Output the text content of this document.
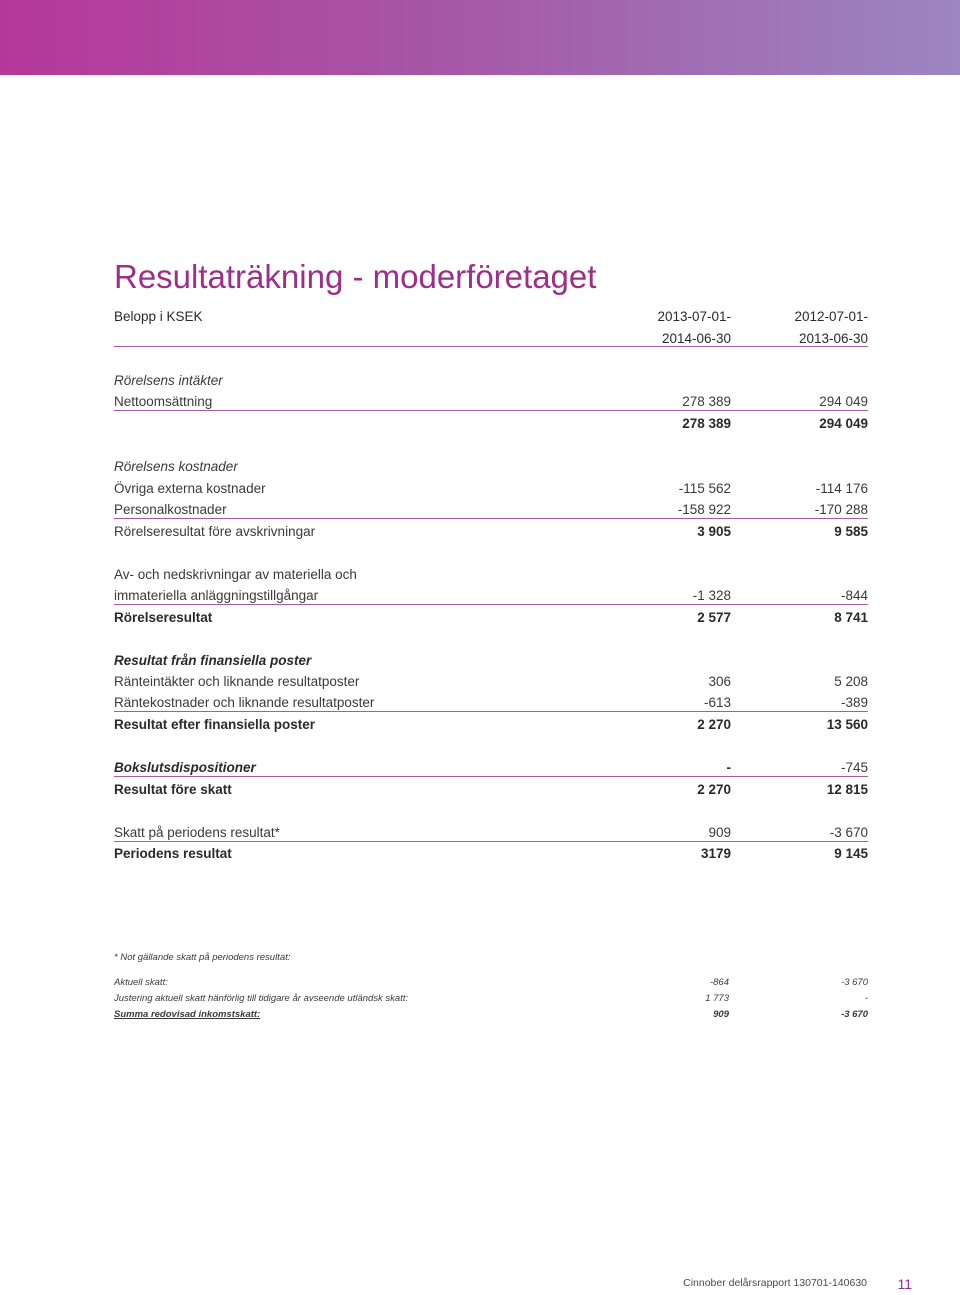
Resultaträkning - moderföretaget
Belopp i KSEK	2013-07-01-	2012-07-01-
2014-06-30	2013-06-30
Rörelsens intäkter
Nettoomsättning	278 389	294 049
278 389	294 049
Rörelsens kostnader
Övriga externa kostnader	-115 562	-114 176
Personalkostnader	-158 922	-170 288
Rörelseresultat före avskrivningar	3 905	9 585
Av- och nedskrivningar av materiella och
immateriella anläggningstillgångar	-1 328	-844
Rörelseresultat	2 577	8 741
Resultat från finansiella poster
Ränteintäkter och liknande resultatposter	306	5 208
Räntekostnader och liknande resultatposter	-613	-389
Resultat efter finansiella poster	2 270	13 560
Bokslutsdispositioner	-	-745
Resultat före skatt	2 270	12 815
Skatt på periodens resultat*	909	-3 670
Periodens resultat	3179	9 145
* Not gällande skatt på periodens resultat:
Aktuell skatt:	-864	-3 670
Justering aktuell skatt hänförlig till tidigare år avseende utländsk skatt:	1 773	-
Summa redovisad inkomstskatt:	909	-3 670
Cinnober delårsrapport 130701-140630 11
